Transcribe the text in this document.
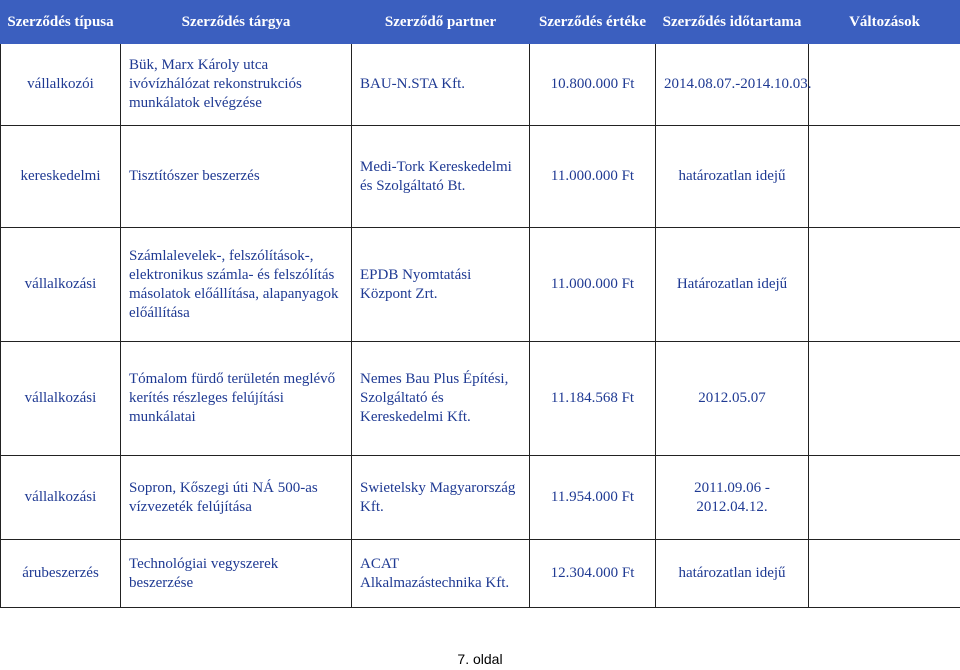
Szerződés típusa	Szerződés tárgya	Szerződő partner	Szerződés értéke	Szerződés időtartama	Változások
vállalkozói	Bük, Marx Károly utca ivóvízhálózat rekonstrukciós munkálatok elvégzése	BAU-N.STA Kft.	10.800.000 Ft	2014.08.07.-2014.10.03.	
kereskedelmi	Tisztítószer beszerzés	Medi-Tork Kereskedelmi és Szolgáltató Bt.	11.000.000 Ft	határozatlan idejű	
vállalkozási	Számlalevelek-, felszólítások-, elektronikus számla- és felszólítás másolatok előállítása, alapanyagok előállítása	EPDB Nyomtatási Központ Zrt.	11.000.000 Ft	Határozatlan idejű	
vállalkozási	Tómalom fürdő területén meglévő kerítés részleges felújítási munkálatai	Nemes Bau Plus Építési, Szolgáltató és Kereskedelmi Kft.	11.184.568 Ft	2012.05.07	
vállalkozási	Sopron, Kőszegi úti NÁ 500-as vízvezeték felújítása	Swietelsky Magyarország Kft.	11.954.000 Ft	2011.09.06 - 2012.04.12.	
árubeszerzés	Technológiai vegyszerek beszerzése	ACAT Alkalmazástechnika Kft.	12.304.000 Ft	határozatlan idejű	
7. oldal
